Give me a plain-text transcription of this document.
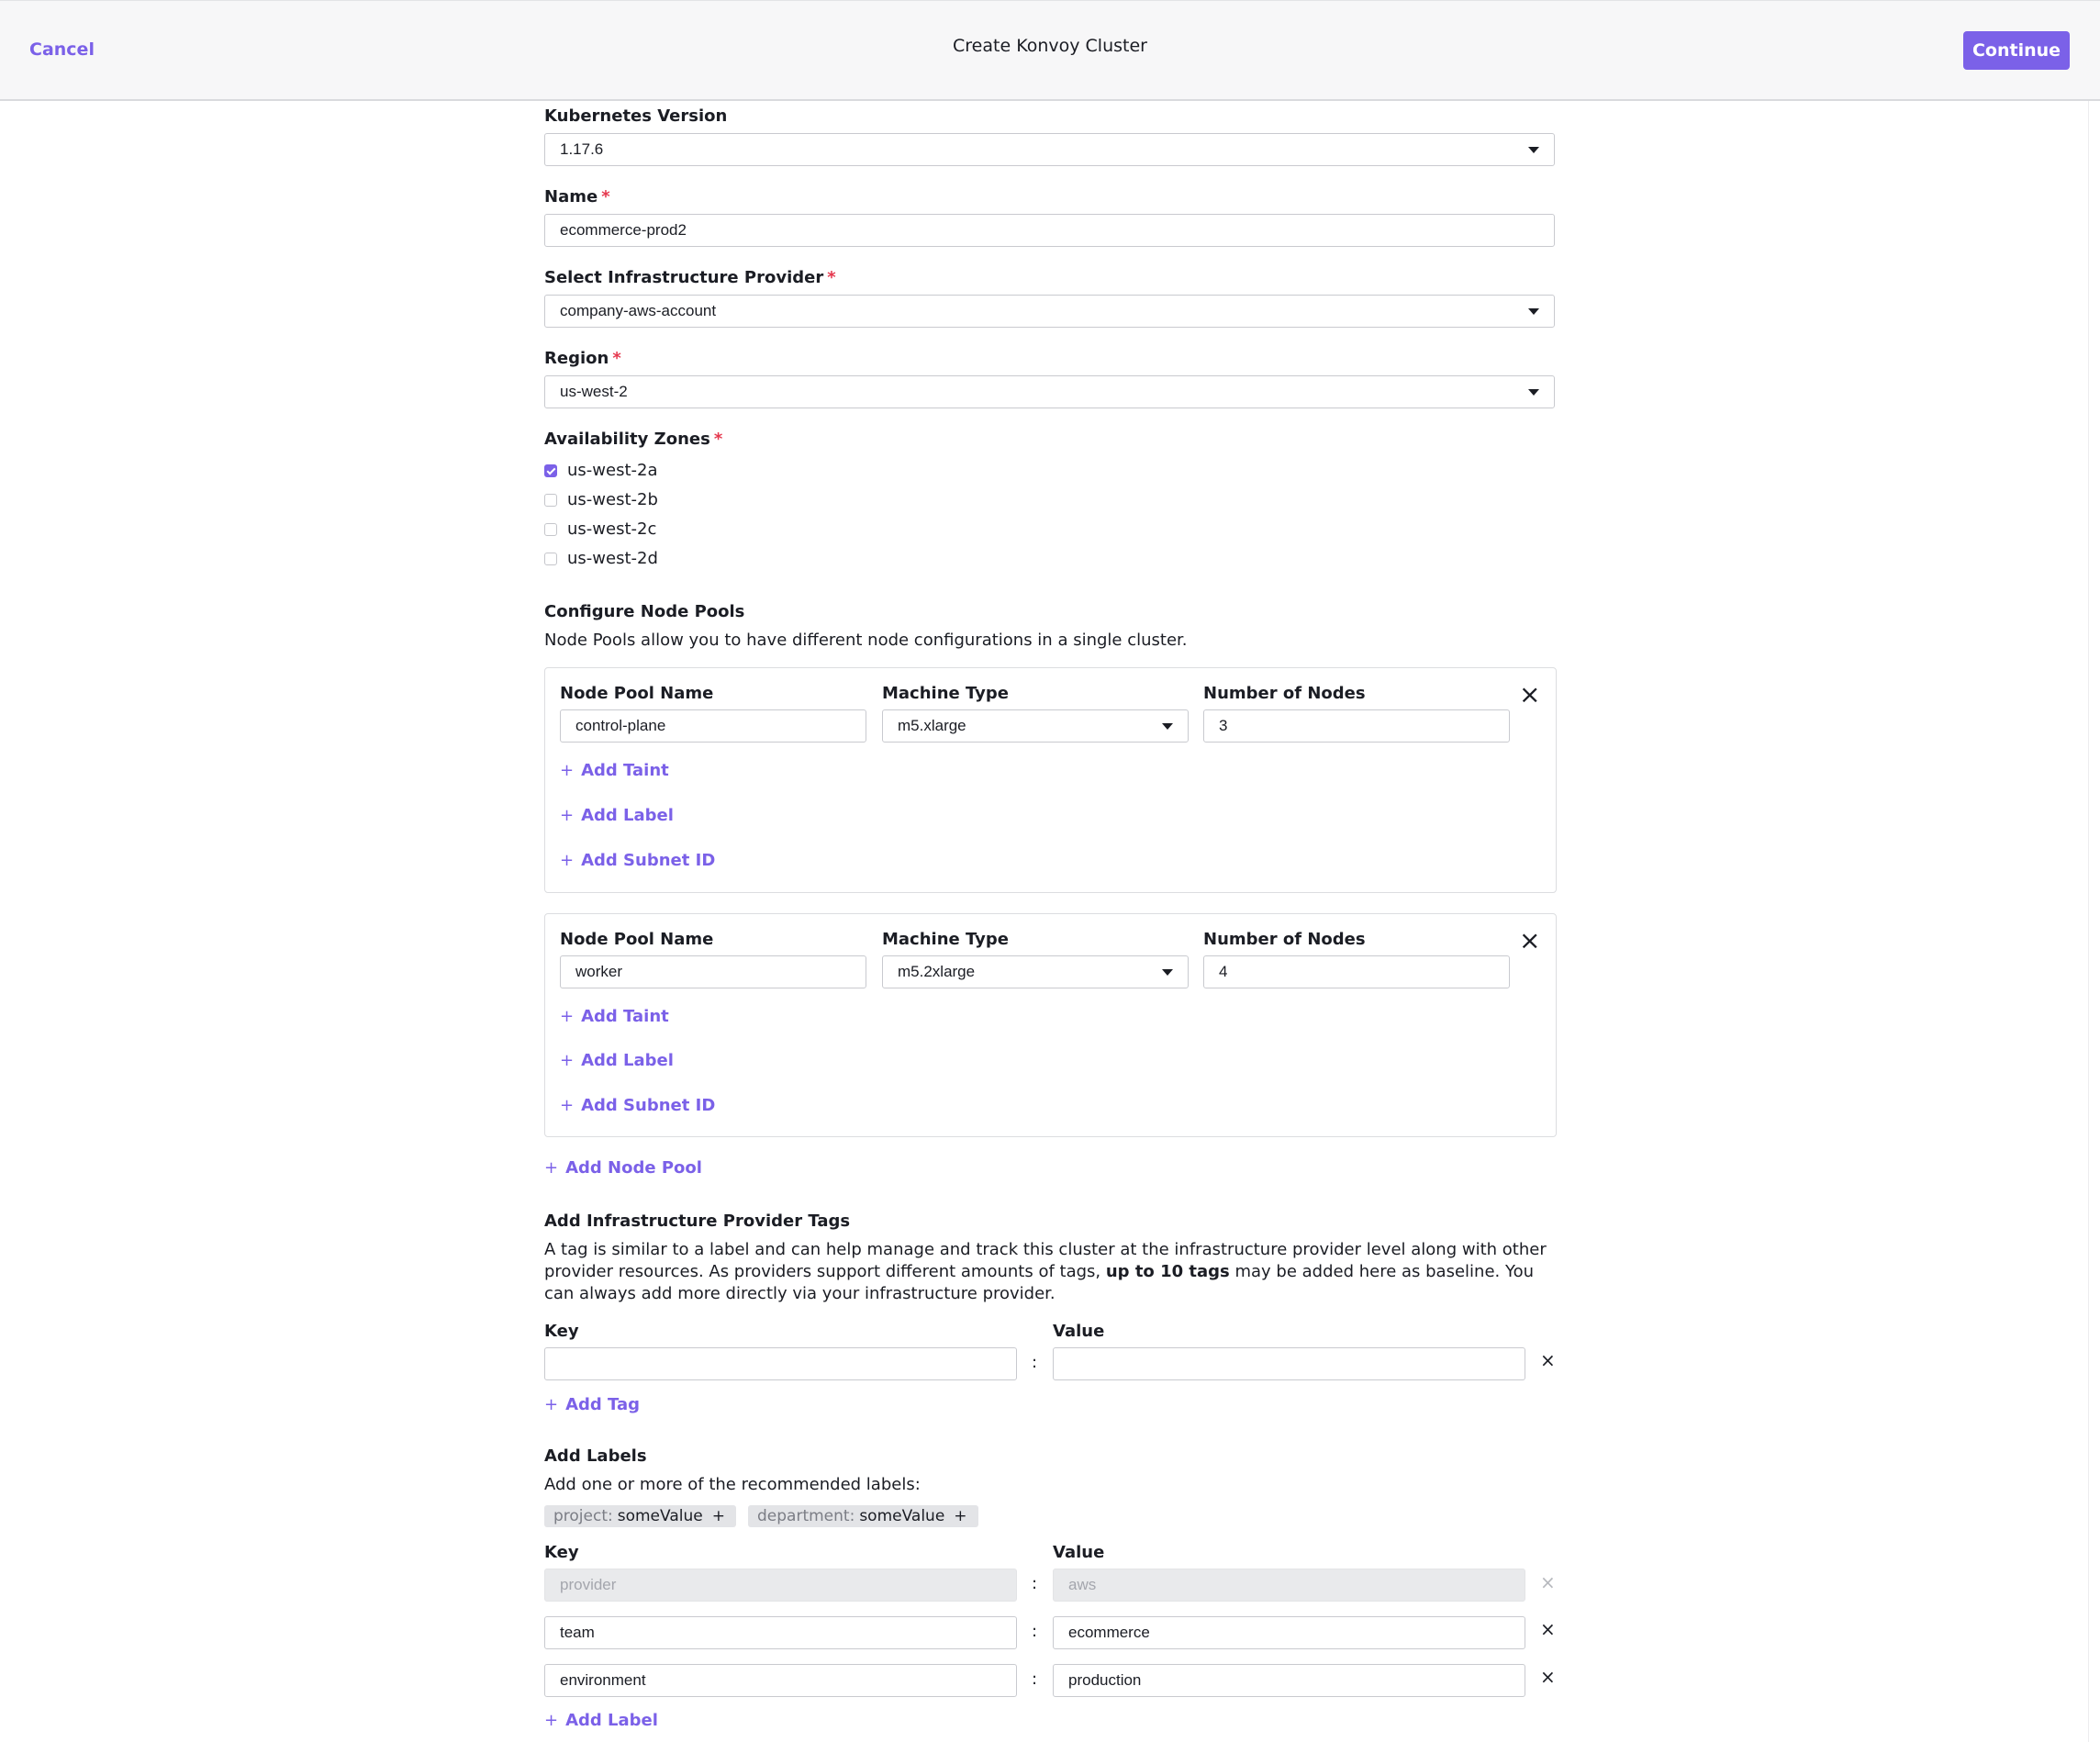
Cancel	Create Konvoy Cluster	Continue
Kubernetes Version
1.17.6
Name *
ecommerce-prod2
Select Infrastructure Provider *
company-aws-account
Region *
us-west-2
Availability Zones *
us-west-2a
us-west-2b
us-west-2c
us-west-2d
Configure Node Pools
Node Pools allow you to have different node configurations in a single cluster.
Node Pool Name	Machine Type	Number of Nodes	×
control-plane	m5.xlarge	3
+ Add Taint
+ Add Label
+ Add Subnet ID
Node Pool Name	Machine Type	Number of Nodes	×
worker	m5.2xlarge	4
+ Add Taint
+ Add Label
+ Add Subnet ID
+ Add Node Pool
Add Infrastructure Provider Tags
A tag is similar to a label and can help manage and track this cluster at the infrastructure provider level along with other provider resources. As providers support different amounts of tags, up to 10 tags may be added here as baseline. You can always add more directly via your infrastructure provider.
Key	Value
:	×
+ Add Tag
Add Labels
Add one or more of the recommended labels:
project: someValue + department: someValue +
Key	Value
provider	: aws	×
team	: ecommerce	×
environment	: production	×
+ Add Label
